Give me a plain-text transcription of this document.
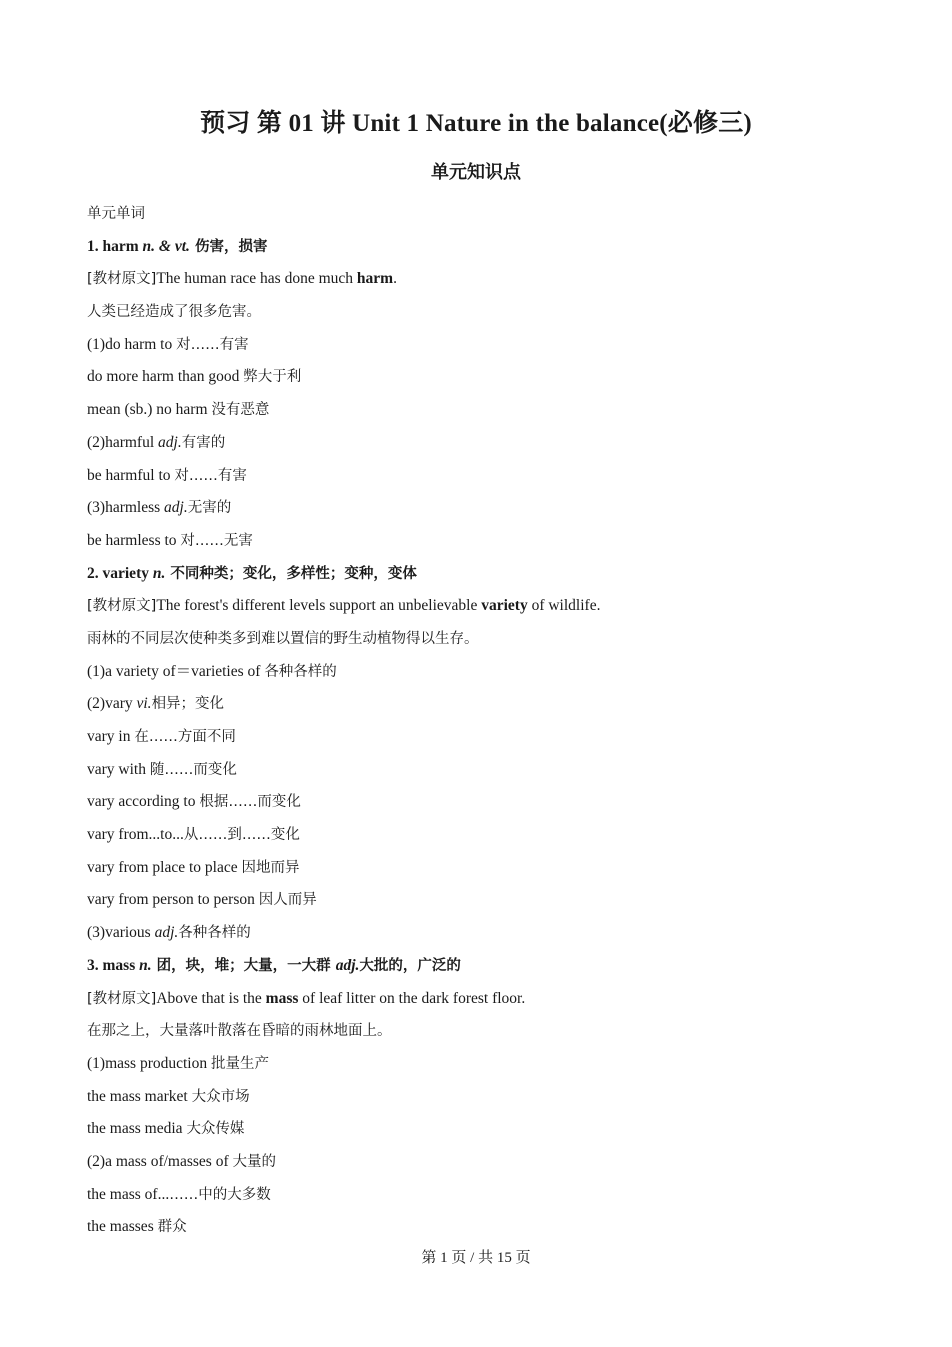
预习 第 01 讲 Unit 1 Nature in the balance(必修三)
单元知识点
单元单词
1. harm n. & vt. 伤害，损害
[教材原文]The human race has done much harm.
人类已经造成了很多危害。
(1)do harm to 对……有害
do more harm than good 弊大于利
mean (sb.) no harm 没有恶意
(2)harmful adj.有害的
be harmful to 对……有害
(3)harmless adj.无害的
be harmless to 对……无害
2. variety n. 不同种类；变化，多样性；变种，变体
[教材原文]The forest's different levels support an unbelievable variety of wildlife.
雨林的不同层次使种类多到难以置信的野生动植物得以生存。
(1)a variety of＝varieties of 各种各样的
(2)vary vi.相异；变化
vary in 在……方面不同
vary with 随……而变化
vary according to 根据……而变化
vary from...to...从……到……变化
vary from place to place 因地而异
vary from person to person 因人而异
(3)various adj.各种各样的
3. mass n. 团，块，堆；大量，一大群 adj.大批的，广泛的
[教材原文]Above that is the mass of leaf litter on the dark forest floor.
在那之上，大量落叶散落在昏暗的雨林地面上。
(1)mass production 批量生产
the mass market 大众市场
the mass media 大众传媒
(2)a mass of/masses of 大量的
the mass of...……中的大多数
the masses 群众
第 1 页 / 共 15 页
